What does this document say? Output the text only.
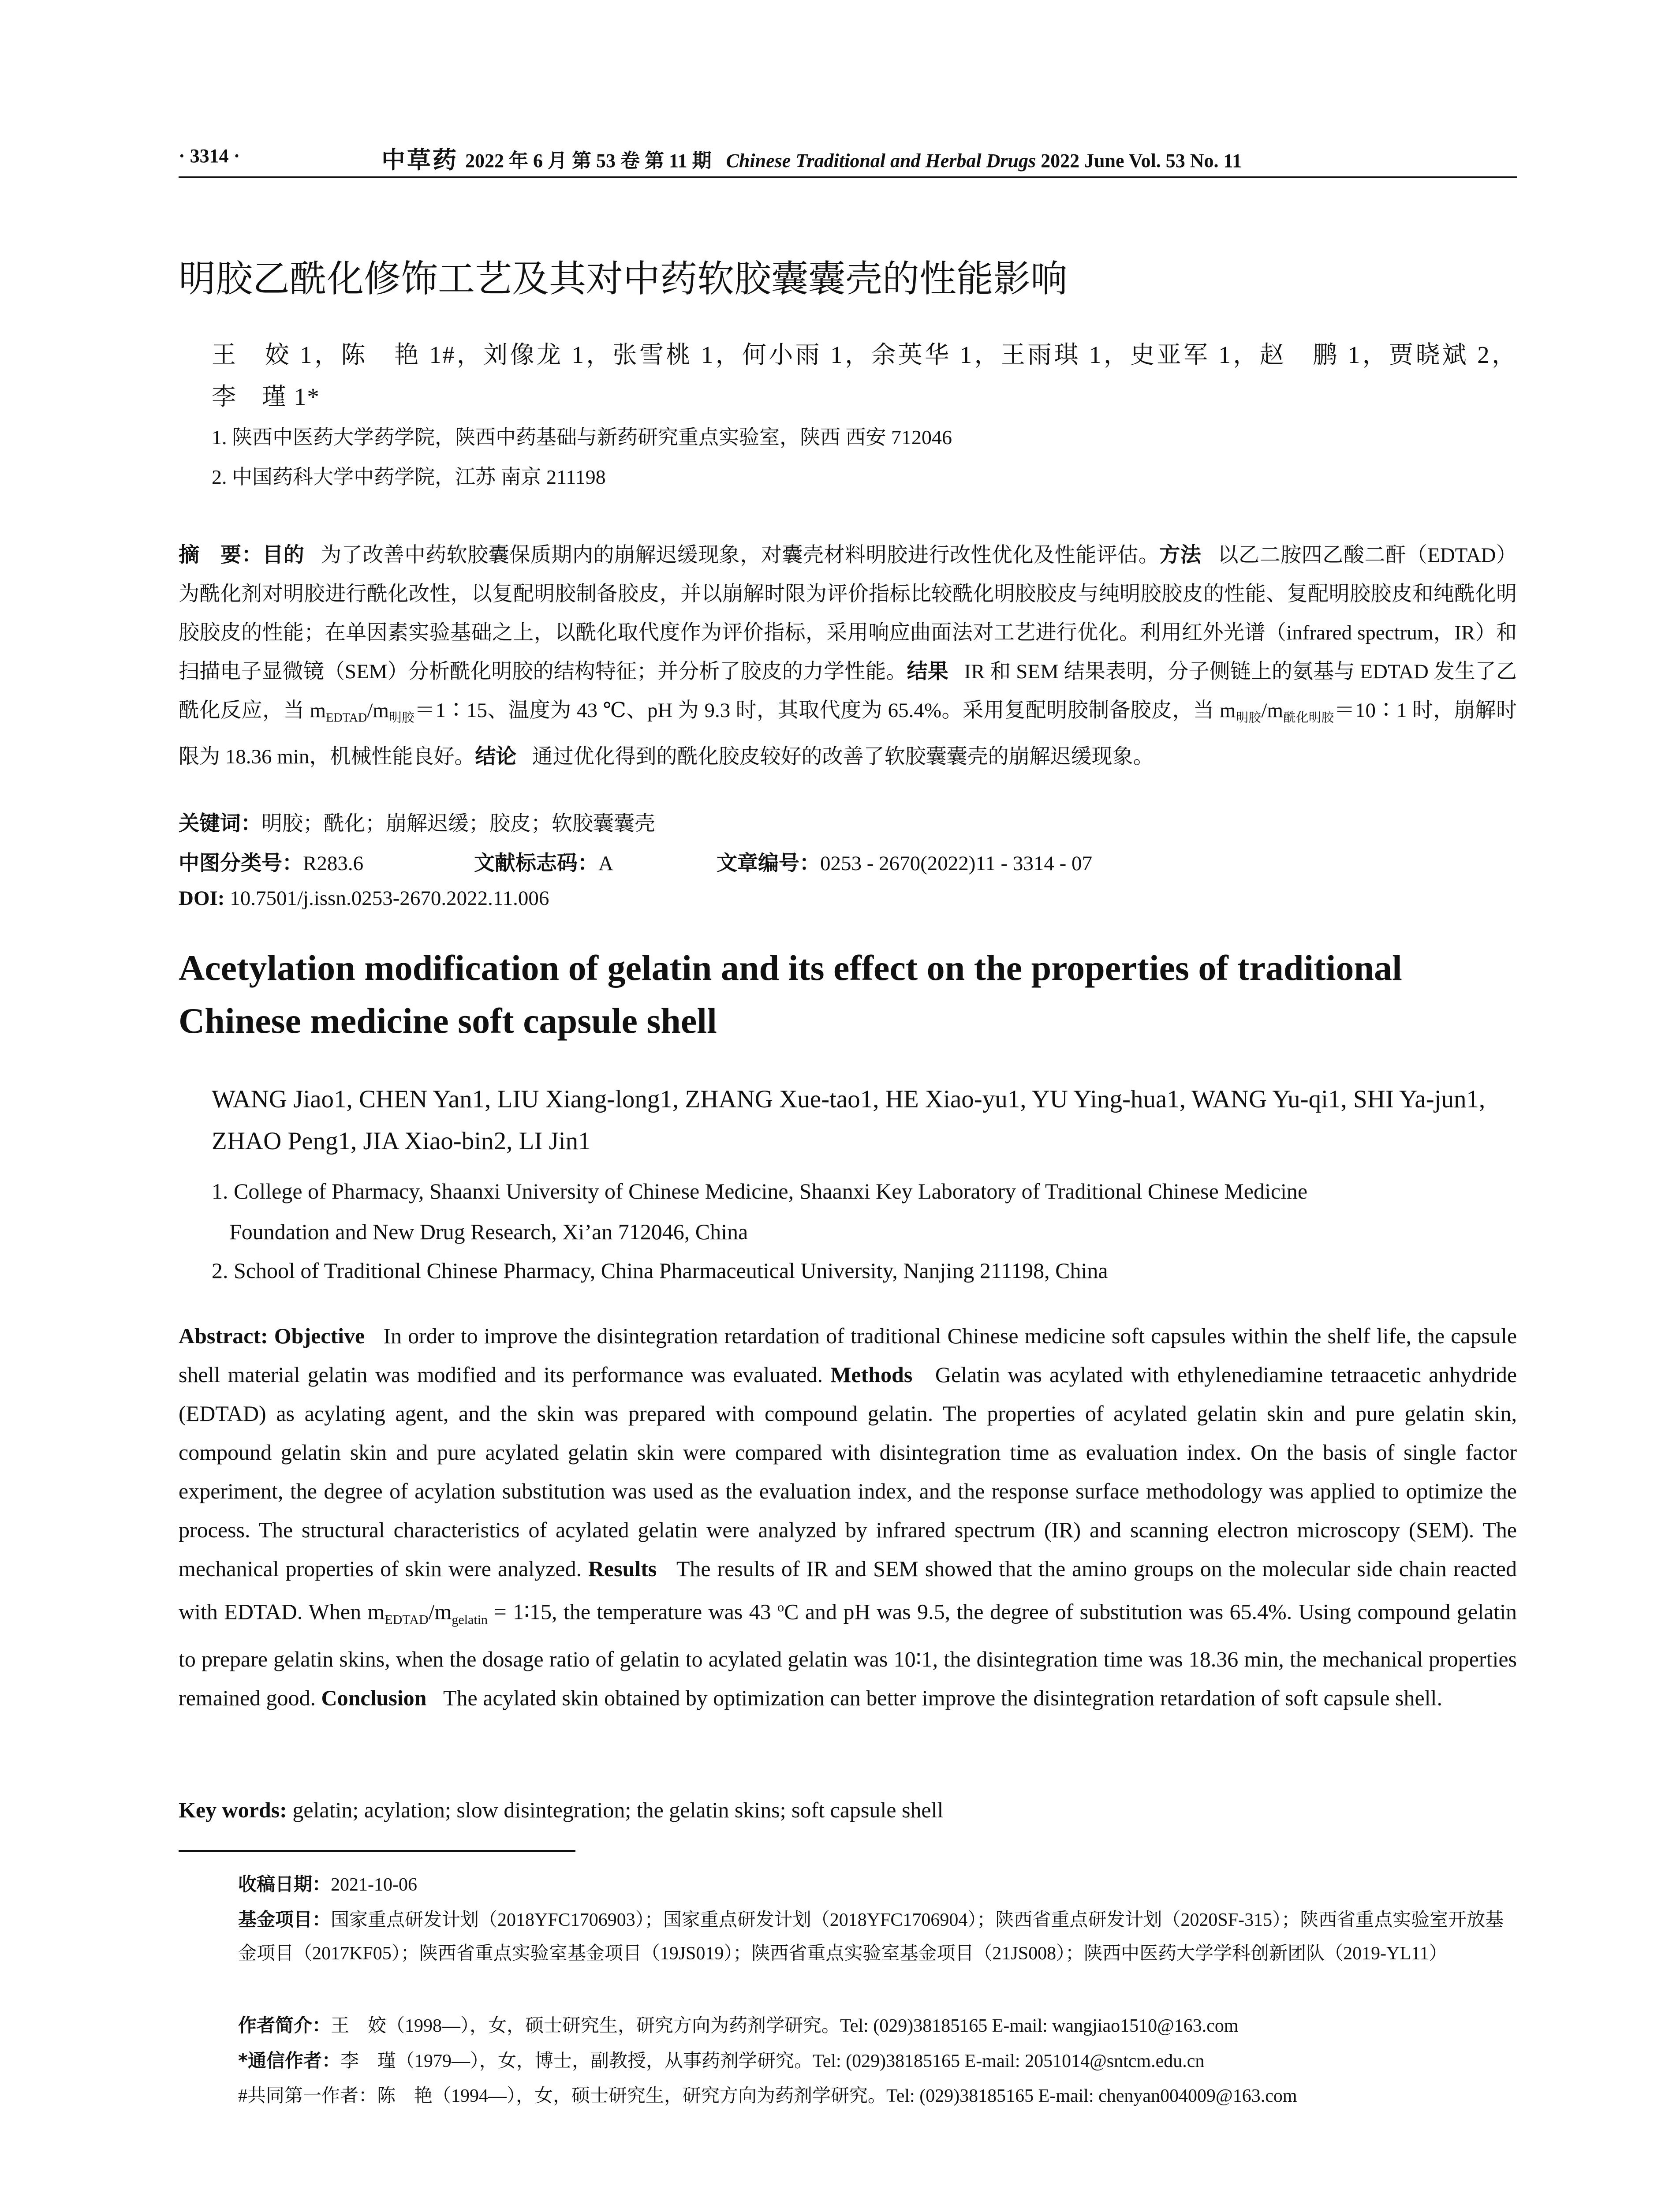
· 3314 ·	中草药 2022 年 6 月 第 53 卷 第 11 期 Chinese Traditional and Herbal Drugs 2022 June Vol. 53 No. 11
明胶乙酰化修饰工艺及其对中药软胶囊囊壳的性能影响
王　姣 1，陈　艳 1#，刘像龙 1，张雪桃 1，何小雨 1，余英华 1，王雨琪 1，史亚军 1，赵　鹏 1，贾晓斌 2，
李　瑾 1*
1. 陕西中医药大学药学院，陕西中药基础与新药研究重点实验室，陕西 西安 712046
2. 中国药科大学中药学院，江苏 南京 211198
摘　要：目的 为了改善中药软胶囊保质期内的崩解迟缓现象，对囊壳材料明胶进行改性优化及性能评估。方法 以乙二胺四乙酸二酐（EDTAD）为酰化剂对明胶进行酰化改性，以复配明胶制备胶皮，并以崩解时限为评价指标比较酰化明胶胶皮与纯明胶胶皮的性能、复配明胶胶皮和纯酰化明胶胶皮的性能；在单因素实验基础之上，以酰化取代度作为评价指标，采用响应曲面法对工艺进行优化。利用红外光谱（infrared spectrum，IR）和扫描电子显微镜（SEM）分析酰化明胶的结构特征；并分析了胶皮的力学性能。结果 IR 和 SEM 结果表明，分子侧链上的氨基与 EDTAD 发生了乙酰化反应，当 $m_{EDTAD}/m_{明胶}=1∶15$、温度为 43 ℃、pH 为 9.3 时，其取代度为 65.4%。采用复配明胶制备胶皮，当 $m_{明胶}/m_{酰化明胶}=10∶1$ 时，崩解时限为 18.36 min，机械性能良好。结论 通过优化得到的酰化胶皮较好的改善了软胶囊囊壳的崩解迟缓现象。
关键词：明胶；酰化；崩解迟缓；胶皮；软胶囊囊壳
中图分类号：R283.6	文献标志码：A	文章编号：0253 - 2670(2022)11 - 3314 - 07
DOI: 10.7501/j.issn.0253-2670.2022.11.006
Acetylation modification of gelatin and its effect on the properties of traditional Chinese medicine soft capsule shell
WANG Jiao1, CHEN Yan1, LIU Xiang-long1, ZHANG Xue-tao1, HE Xiao-yu1, YU Ying-hua1, WANG Yu-qi1, SHI Ya-jun1, ZHAO Peng1, JIA Xiao-bin2, LI Jin1
1. College of Pharmacy, Shaanxi University of Chinese Medicine, Shaanxi Key Laboratory of Traditional Chinese Medicine
Foundation and New Drug Research, Xi’an 712046, China
2. School of Traditional Chinese Pharmacy, China Pharmaceutical University, Nanjing 211198, China
Abstract: Objective In order to improve the disintegration retardation of traditional Chinese medicine soft capsules within the shelf life, the capsule shell material gelatin was modified and its performance was evaluated. Methods Gelatin was acylated with ethylenediamine tetraacetic anhydride (EDTAD) as acylating agent, and the skin was prepared with compound gelatin. The properties of acylated gelatin skin and pure gelatin skin, compound gelatin skin and pure acylated gelatin skin were compared with disintegration time as evaluation index. On the basis of single factor experiment, the degree of acylation substitution was used as the evaluation index, and the response surface methodology was applied to optimize the process. The structural characteristics of acylated gelatin were analyzed by infrared spectrum (IR) and scanning electron microscopy (SEM). The mechanical properties of skin were analyzed. Results The results of IR and SEM showed that the amino groups on the molecular side chain reacted with EDTAD. When $m_{EDTAD}/m_{gelatin}$ = 1∶15, the temperature was 43 $^o$C and pH was 9.5, the degree of substitution was 65.4%. Using compound gelatin to prepare gelatin skins, when the dosage ratio of gelatin to acylated gelatin was 10∶1, the disintegration time was 18.36 min, the mechanical properties remained good. Conclusion The acylated skin obtained by optimization can better improve the disintegration retardation of soft capsule shell.
Key words: gelatin; acylation; slow disintegration; the gelatin skins; soft capsule shell
收稿日期：2021-10-06
基金项目：国家重点研发计划（2018YFC1706903）；国家重点研发计划（2018YFC1706904）；陕西省重点研发计划（2020SF-315）；陕西省重点实验室开放基金项目（2017KF05）；陕西省重点实验室基金项目（19JS019）；陕西省重点实验室基金项目（21JS008）；陕西中医药大学学科创新团队（2019-YL11）
作者简介：王　姣（1998—），女，硕士研究生，研究方向为药剂学研究。Tel: (029)38185165 E-mail: wangjiao1510@163.com
*通信作者：李　瑾（1979—），女，博士，副教授，从事药剂学研究。Tel: (029)38185165 E-mail: 2051014@sntcm.edu.cn
#共同第一作者：陈　艳（1994—），女，硕士研究生，研究方向为药剂学研究。Tel: (029)38185165 E-mail: chenyan004009@163.com
